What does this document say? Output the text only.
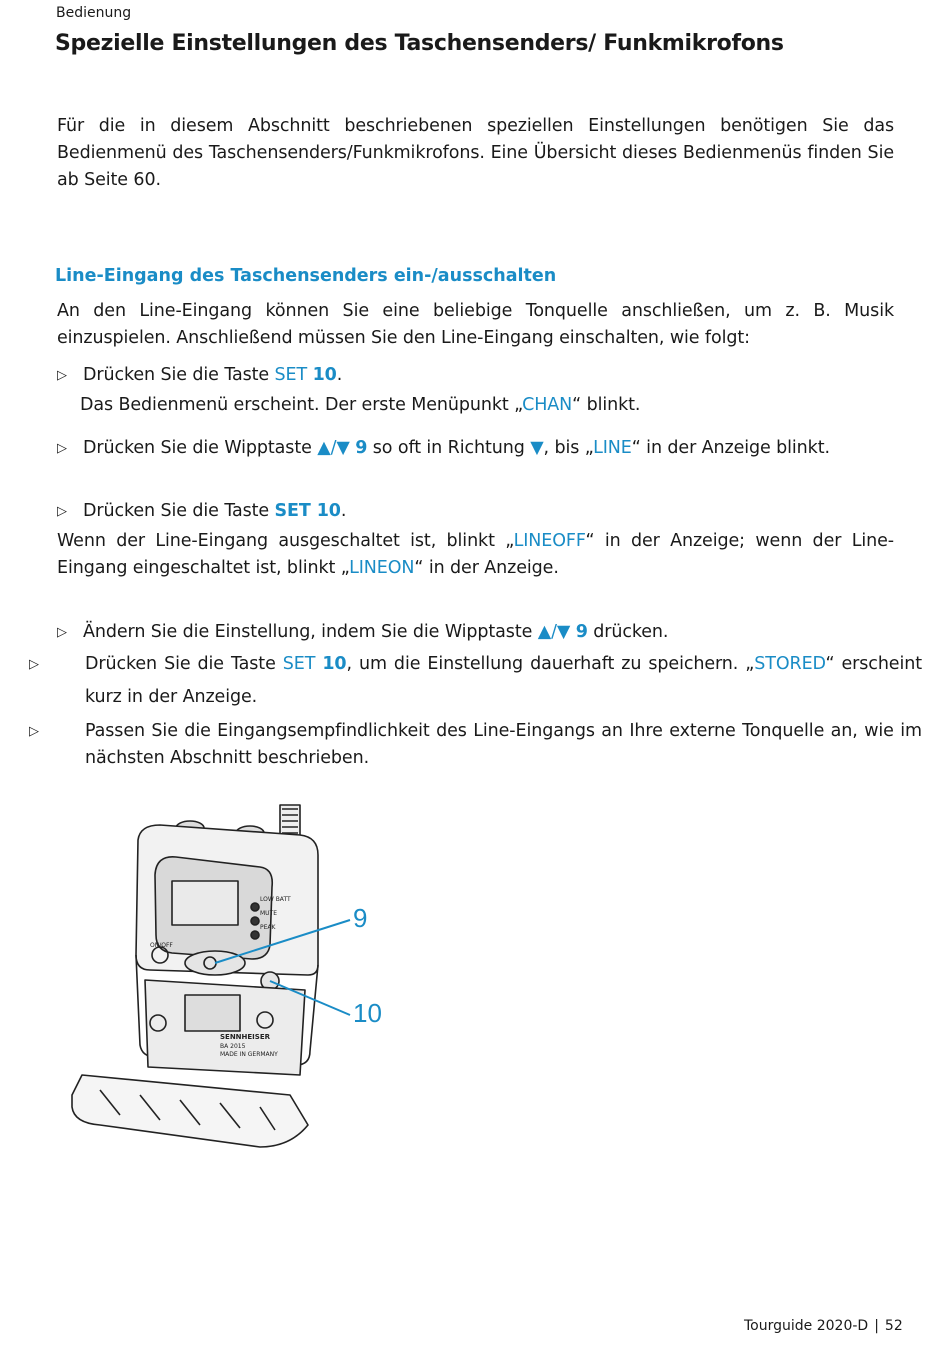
Bedienung
Spezielle Einstellungen des Taschensenders/ Funkmikrofons
Für die in diesem Abschnitt beschriebenen speziellen Einstellungen benötigen Sie das Bedienmenü des Taschensenders/Funkmikrofons. Eine Übersicht dieses Bedienmenüs finden Sie ab Seite 60.
Line-Eingang des Taschensenders ein-/ausschalten
An den Line-Eingang können Sie eine beliebige Tonquelle anschließen, um z. B. Musik einzuspielen. Anschließend müssen Sie den Line-Eingang einschalten, wie folgt:
▷ Drücken Sie die Taste SET 10.
Das Bedienmenü erscheint. Der erste Menüpunkt „CHAN“ blinkt.
▷ Drücken Sie die Wipptaste ▲/▼ 9 so oft in Richtung ▼, bis „LINE“ in der Anzeige blinkt.
▷ Drücken Sie die Taste SET 10.
Wenn der Line-Eingang ausgeschaltet ist, blinkt „LINEOFF“ in der Anzeige; wenn der Line-Eingang eingeschaltet ist, blinkt „LINEON“ in der Anzeige.
▷ Ändern Sie die Einstellung, indem Sie die Wipptaste ▲/▼ 9 drücken.
▷	Drücken Sie die Taste SET 10, um die Einstellung dauerhaft zu speichern. „STORED“ erscheint kurz in der Anzeige.
▷	Passen Sie die Eingangsempfindlichkeit des Line-Eingangs an Ihre externe Tonquelle an, wie im nächsten Abschnitt beschrieben.
LOW BATT
MUTE
PEAK
ON/OFF
SENNHEISER
BA 2015
MADE IN GERMANY
9
10
Tourguide 2020-D | 52
